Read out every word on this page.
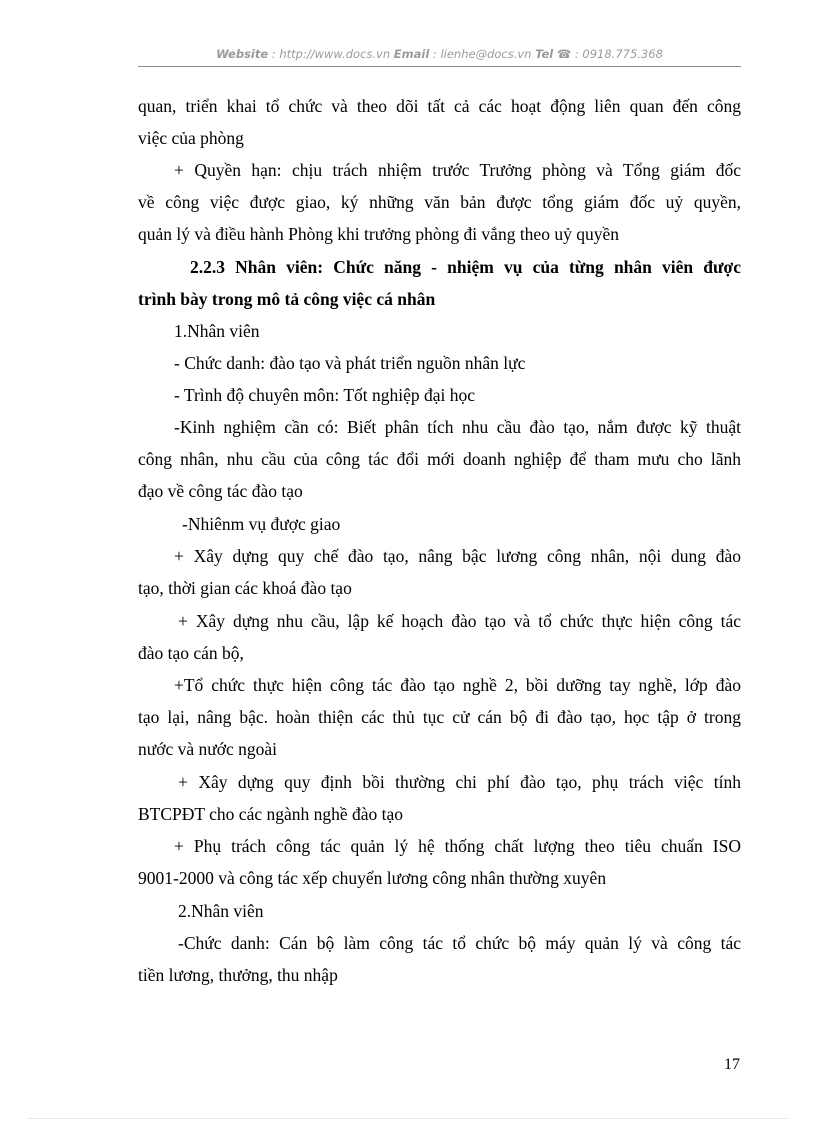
Website : http://www.docs.vn Email : lienhe@docs.vn Tel ☎ : 0918.775.368

quan, triển khai tổ chức và theo dõi tất cả các hoạt động liên quan đến công

việc của phòng

+ Quyền hạn: chịu trách nhiệm trước Trưởng phòng và Tổng giám đốc

về công việc được giao, ký những văn bản được tổng giám đốc uỷ quyền,

quản lý và điều hành Phòng khi trưởng phòng đi vắng theo uỷ quyền

2.2.3 Nhân viên: Chức năng - nhiệm vụ của từng nhân viên được

trình bày trong mô tả công việc cá nhân

1.Nhân viên

- Chức danh: đào tạo và phát triển nguồn nhân lực

- Trình độ chuyên môn: Tốt nghiệp đại học

-Kinh nghiệm cần có: Biết phân tích nhu cầu đào tạo, nắm được kỹ thuật

công nhân, nhu cầu của công tác đổi mới doanh nghiệp để tham mưu cho lãnh

đạo về công tác đào tạo

-Nhiênm vụ được giao

+ Xây dựng quy chế đào tạo, nâng bậc lương công nhân, nội dung đào

tạo, thời gian các khoá đào tạo

+ Xây dựng nhu cầu, lập kế hoạch đào tạo và tổ chức thực hiện công tác

đào tạo cán bộ,

+Tổ chức thực hiện công tác đào tạo nghề 2, bồi dưỡng tay nghề, lớp đào

tạo lại, nâng bậc. hoàn thiện các thủ tục cử cán bộ đi đào tạo, học tập ở trong

nước và nước ngoài

+ Xây dựng quy định bồi thường chi phí đào tạo, phụ trách việc tính

BTCPĐT cho các ngành nghề đào tạo

+ Phụ trách công tác quản lý hệ thống chất lượng theo tiêu chuẩn ISO

9001-2000 và công tác xếp chuyển lương công nhân thường xuyên

2.Nhân viên

-Chức danh: Cán bộ làm công tác tổ chức bộ máy quản lý và công tác

tiền lương, thưởng, thu nhập

17
